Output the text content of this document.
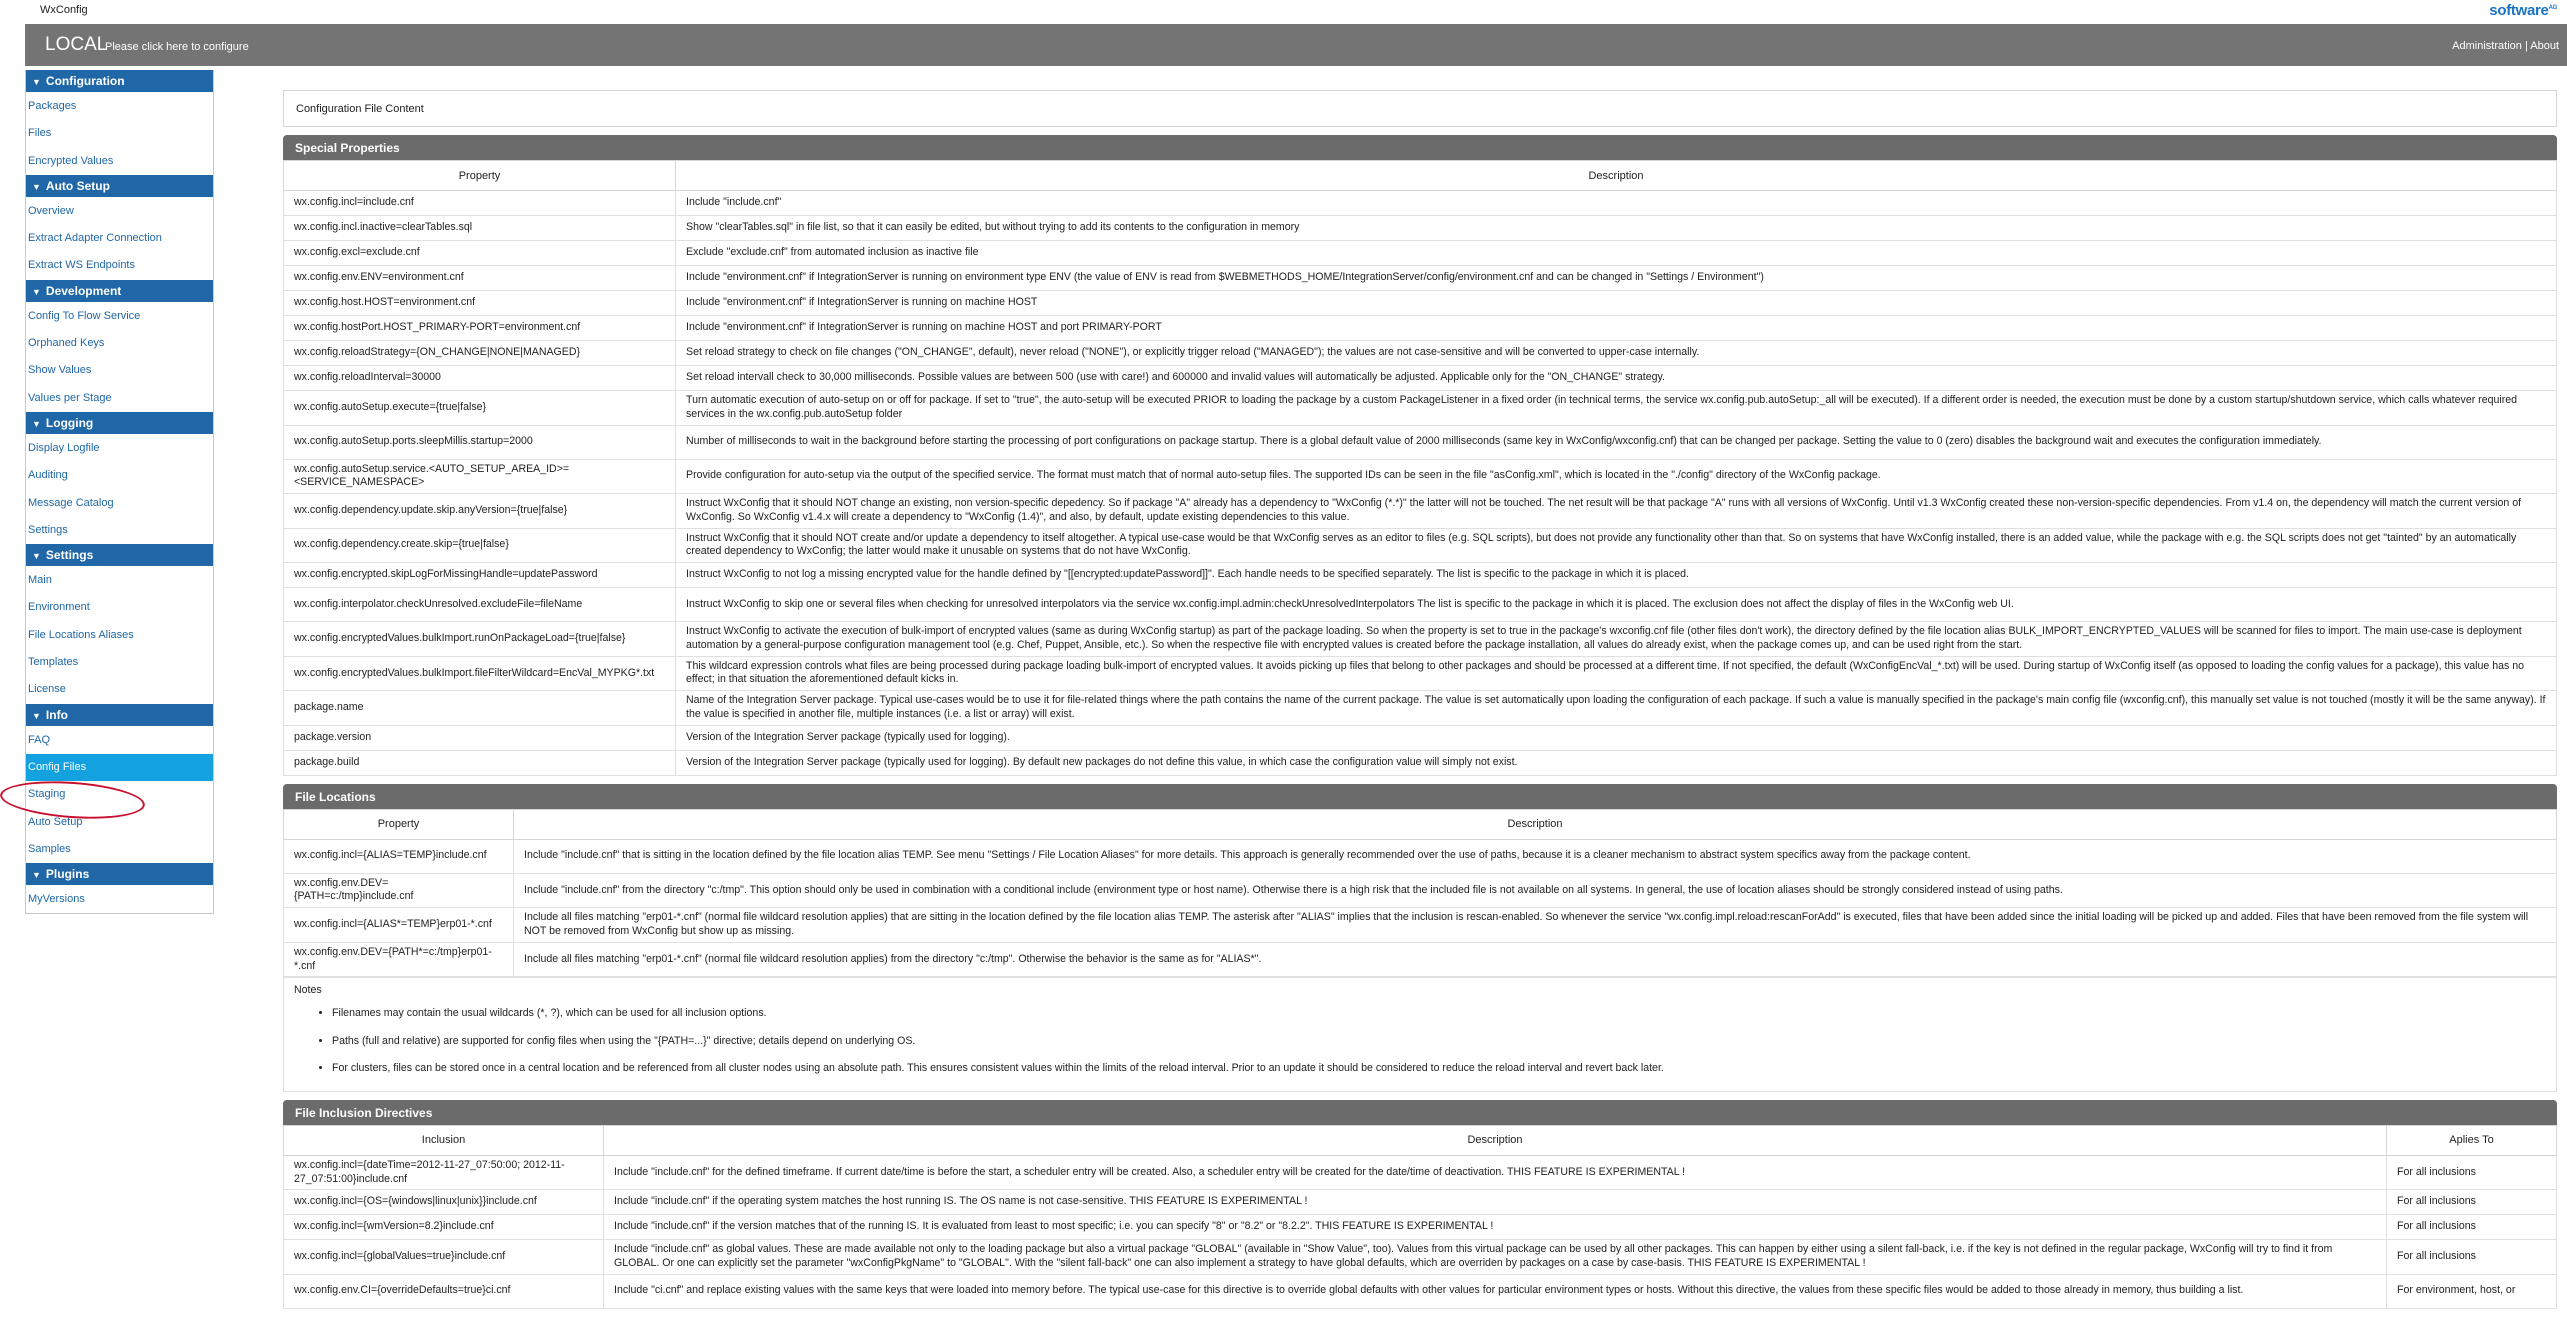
WxConfig	software$^{AG}$
LOCAL
Please click here to configure	Administration | About
▼ Configuration
Packages
Files
Encrypted Values
▼ Auto Setup
Overview
Extract Adapter Connection
Extract WS Endpoints
▼ Development
Config To Flow Service
Orphaned Keys
Show Values
Values per Stage
▼ Logging
Display Logfile
Auditing
Message Catalog
Settings
▼ Settings
Main
Environment
File Locations Aliases
Templates
License
▼ Info
FAQ
Config Files
Staging
Auto Setup
Samples
▼ Plugins
MyVersions
Configuration File Content
Special Properties
Property	Description
wx.config.incl=include.cnf	Include "include.cnf"
wx.config.incl.inactive=clearTables.sql	Show "clearTables.sql" in file list, so that it can easily be edited, but without trying to add its contents to the configuration in memory
wx.config.excl=exclude.cnf	Exclude "exclude.cnf" from automated inclusion as inactive file
wx.config.env.ENV=environment.cnf	Include "environment.cnf" if IntegrationServer is running on environment type ENV (the value of ENV is read from $WEBMETHODS_HOME/IntegrationServer/config/environment.cnf and can be changed in "Settings / Environment")
wx.config.host.HOST=environment.cnf	Include "environment.cnf" if IntegrationServer is running on machine HOST
wx.config.hostPort.HOST_PRIMARY-PORT=environment.cnf	Include "environment.cnf" if IntegrationServer is running on machine HOST and port PRIMARY-PORT
wx.config.reloadStrategy={ON_CHANGE|NONE|MANAGED}	Set reload strategy to check on file changes ("ON_CHANGE", default), never reload ("NONE"), or explicitly trigger reload ("MANAGED"); the values are not case-sensitive and will be converted to upper-case internally.
wx.config.reloadInterval=30000	Set reload intervall check to 30,000 milliseconds. Possible values are between 500 (use with care!) and 600000 and invalid values will automatically be adjusted. Applicable only for the "ON_CHANGE" strategy.
wx.config.autoSetup.execute={true|false}	Turn automatic execution of auto-setup on or off for package. If set to "true", the auto-setup will be executed PRIOR to loading the package by a custom PackageListener in a fixed order (in technical terms, the service wx.config.pub.autoSetup:_all will be executed). If a different order is needed, the execution must be done by a custom startup/shutdown service, which calls whatever required services in the wx.config.pub.autoSetup folder
wx.config.autoSetup.ports.sleepMillis.startup=2000	Number of milliseconds to wait in the background before starting the processing of port configurations on package startup. There is a global default value of 2000 milliseconds (same key in WxConfig/wxconfig.cnf) that can be changed per package. Setting the value to 0 (zero) disables the background wait and executes the configuration immediately.
wx.config.autoSetup.service.<AUTO_SETUP_AREA_ID>=<SERVICE_NAMESPACE>	Provide configuration for auto-setup via the output of the specified service. The format must match that of normal auto-setup files. The supported IDs can be seen in the file "asConfig.xml", which is located in the "./config" directory of the WxConfig package.
wx.config.dependency.update.skip.anyVersion={true|false}	Instruct WxConfig that it should NOT change an existing, non version-specific depedency. So if package "A" already has a dependency to "WxConfig (*.*)" the latter will not be touched. The net result will be that package "A" runs with all versions of WxConfig. Until v1.3 WxConfig created these non-version-specific dependencies. From v1.4 on, the dependency will match the current version of WxConfig. So WxConfig v1.4.x will create a dependency to "WxConfig (1.4)", and also, by default, update existing dependencies to this value.
wx.config.dependency.create.skip={true|false}	Instruct WxConfig that it should NOT create and/or update a dependency to itself altogether. A typical use-case would be that WxConfig serves as an editor to files (e.g. SQL scripts), but does not provide any functionality other than that. So on systems that have WxConfig installed, there is an added value, while the package with e.g. the SQL scripts does not get "tainted" by an automatically created dependency to WxConfig; the latter would make it unusable on systems that do not have WxConfig.
wx.config.encrypted.skipLogForMissingHandle=updatePassword	Instruct WxConfig to not log a missing encrypted value for the handle defined by "[[encrypted:updatePassword]]". Each handle needs to be specified separately. The list is specific to the package in which it is placed.
wx.config.interpolator.checkUnresolved.excludeFile=fileName	Instruct WxConfig to skip one or several files when checking for unresolved interpolators via the service wx.config.impl.admin:checkUnresolvedInterpolators The list is specific to the package in which it is placed. The exclusion does not affect the display of files in the WxConfig web UI.
wx.config.encryptedValues.bulkImport.runOnPackageLoad={true|false}	Instruct WxConfig to activate the execution of bulk-import of encrypted values (same as during WxConfig startup) as part of the package loading. So when the property is set to true in the package's wxconfig.cnf file (other files don't work), the directory defined by the file location alias BULK_IMPORT_ENCRYPTED_VALUES will be scanned for files to import. The main use-case is deployment automation by a general-purpose configuration management tool (e.g. Chef, Puppet, Ansible, etc.). So when the respective file with encrypted values is created before the package installation, all values do already exist, when the package comes up, and can be used right from the start.
wx.config.encryptedValues.bulkImport.fileFilterWildcard=EncVal_MYPKG*.txt	This wildcard expression controls what files are being processed during package loading bulk-import of encrypted values. It avoids picking up files that belong to other packages and should be processed at a different time. If not specified, the default (WxConfigEncVal_*.txt) will be used. During startup of WxConfig itself (as opposed to loading the config values for a package), this value has no effect; in that situation the aforementioned default kicks in.
package.name	Name of the Integration Server package. Typical use-cases would be to use it for file-related things where the path contains the name of the current package. The value is set automatically upon loading the configuration of each package. If such a value is manually specified in the package's main config file (wxconfig.cnf), this manually set value is not touched (mostly it will be the same anyway). If the value is specified in another file, multiple instances (i.e. a list or array) will exist.
package.version	Version of the Integration Server package (typically used for logging).
package.build	Version of the Integration Server package (typically used for logging). By default new packages do not define this value, in which case the configuration value will simply not exist.
File Locations
Property	Description
wx.config.incl={ALIAS=TEMP}include.cnf	Include "include.cnf" that is sitting in the location defined by the file location alias TEMP. See menu "Settings / File Location Aliases" for more details. This approach is generally recommended over the use of paths, because it is a cleaner mechanism to abstract system specifics away from the package content.
wx.config.env.DEV={PATH=c:/tmp}include.cnf	Include "include.cnf" from the directory "c:/tmp". This option should only be used in combination with a conditional include (environment type or host name). Otherwise there is a high risk that the included file is not available on all systems. In general, the use of location aliases should be strongly considered instead of using paths.
wx.config.incl={ALIAS*=TEMP}erp01-*.cnf	Include all files matching "erp01-*.cnf" (normal file wildcard resolution applies) that are sitting in the location defined by the file location alias TEMP. The asterisk after "ALIAS" implies that the inclusion is rescan-enabled. So whenever the service "wx.config.impl.reload:rescanForAdd" is executed, files that have been added since the initial loading will be picked up and added. Files that have been removed from the file system will NOT be removed from WxConfig but show up as missing.
wx.config.env.DEV={PATH*=c:/tmp}erp01-*.cnf	Include all files matching "erp01-*.cnf" (normal file wildcard resolution applies) from the directory "c:/tmp". Otherwise the behavior is the same as for "ALIAS*".
Notes
• Filenames may contain the usual wildcards (*, ?), which can be used for all inclusion options.
• Paths (full and relative) are supported for config files when using the "{PATH=...}" directive; details depend on underlying OS.
• For clusters, files can be stored once in a central location and be referenced from all cluster nodes using an absolute path. This ensures consistent values within the limits of the reload interval. Prior to an update it should be considered to reduce the reload interval and revert back later.
File Inclusion Directives
Inclusion	Description	Aplies To
wx.config.incl={dateTime=2012-11-27_07:50:00; 2012-11-27_07:51:00}include.cnf	Include "include.cnf" for the defined timeframe. If current date/time is before the start, a scheduler entry will be created. Also, a scheduler entry will be created for the date/time of deactivation. THIS FEATURE IS EXPERIMENTAL !	For all inclusions
wx.config.incl={OS={windows|linux|unix}}include.cnf	Include "include.cnf" if the operating system matches the host running IS. The OS name is not case-sensitive. THIS FEATURE IS EXPERIMENTAL !	For all inclusions
wx.config.incl={wmVersion=8.2}include.cnf	Include "include.cnf" if the version matches that of the running IS. It is evaluated from least to most specific; i.e. you can specify "8" or "8.2" or "8.2.2". THIS FEATURE IS EXPERIMENTAL !	For all inclusions
wx.config.incl={globalValues=true}include.cnf	Include "include.cnf" as global values. These are made available not only to the loading package but also a virtual package "GLOBAL" (available in "Show Value", too). Values from this virtual package can be used by all other packages. This can happen by either using a silent fall-back, i.e. if the key is not defined in the regular package, WxConfig will try to find it from GLOBAL. Or one can explicitly set the parameter "wxConfigPkgName" to "GLOBAL". With the "silent fall-back" one can also implement a strategy to have global defaults, which are overriden by packages on a case by case-basis. THIS FEATURE IS EXPERIMENTAL !	For all inclusions
wx.config.env.CI={overrideDefaults=true}ci.cnf	Include "ci.cnf" and replace existing values with the same keys that were loaded into memory before. The typical use-case for this directive is to override global defaults with other values for particular environment types or hosts. Without this directive, the values from these specific files would be added to those already in memory, thus building a list.	For environment, host, or
